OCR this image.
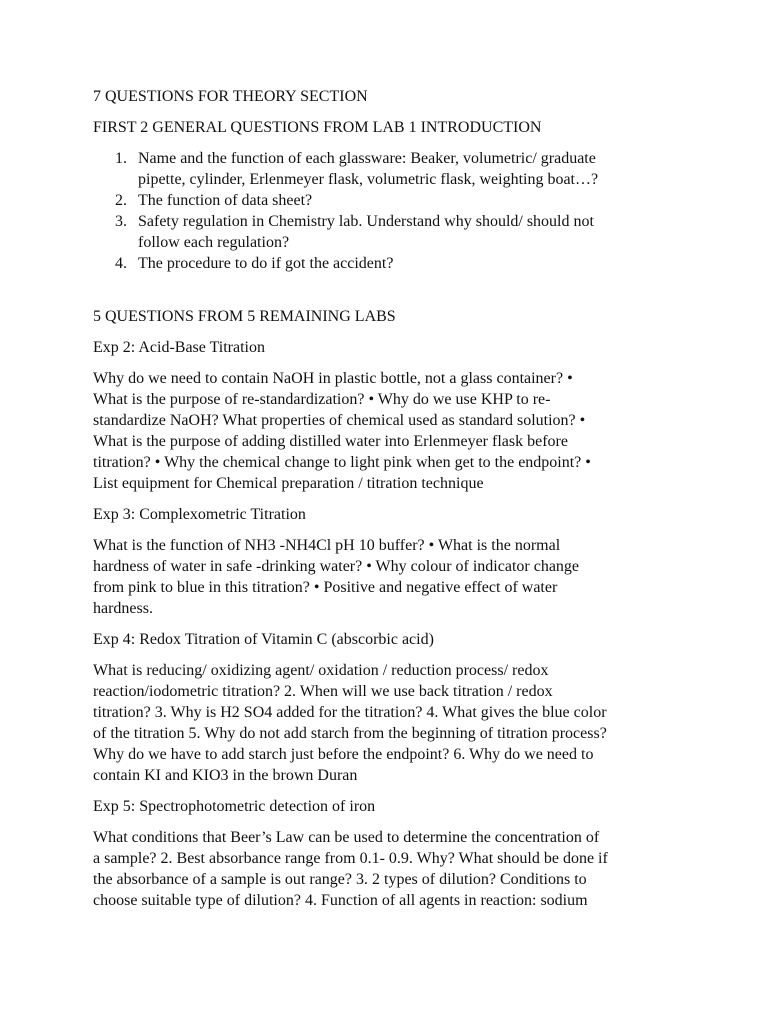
7 QUESTIONS FOR THEORY SECTION

FIRST 2 GENERAL QUESTIONS FROM LAB 1 INTRODUCTION

1. Name and the function of each glassware: Beaker, volumetric/ graduate
pipette, cylinder, Erlenmeyer flask, volumetric flask, weighting boat…?
2. The function of data sheet?
3. Safety regulation in Chemistry lab. Understand why should/ should not
follow each regulation?
4. The procedure to do if got the accident?

5 QUESTIONS FROM 5 REMAINING LABS

Exp 2: Acid-Base Titration

Why do we need to contain NaOH in plastic bottle, not a glass container? •
What is the purpose of re-standardization? • Why do we use KHP to re-
standardize NaOH? What properties of chemical used as standard solution? •
What is the purpose of adding distilled water into Erlenmeyer flask before
titration? • Why the chemical change to light pink when get to the endpoint? •
List equipment for Chemical preparation / titration technique

Exp 3: Complexometric Titration

What is the function of NH3 -NH4Cl pH 10 buffer? • What is the normal
hardness of water in safe -drinking water? • Why colour of indicator change
from pink to blue in this titration? • Positive and negative effect of water
hardness.

Exp 4: Redox Titration of Vitamin C (abscorbic acid)

What is reducing/ oxidizing agent/ oxidation / reduction process/ redox
reaction/iodometric titration? 2. When will we use back titration / redox
titration? 3. Why is H2 SO4 added for the titration? 4. What gives the blue color
of the titration 5. Why do not add starch from the beginning of titration process?
Why do we have to add starch just before the endpoint? 6. Why do we need to
contain KI and KIO3 in the brown Duran

Exp 5: Spectrophotometric detection of iron

What conditions that Beer’s Law can be used to determine the concentration of
a sample? 2. Best absorbance range from 0.1- 0.9. Why? What should be done if
the absorbance of a sample is out range? 3. 2 types of dilution? Conditions to
choose suitable type of dilution? 4. Function of all agents in reaction: sodium
